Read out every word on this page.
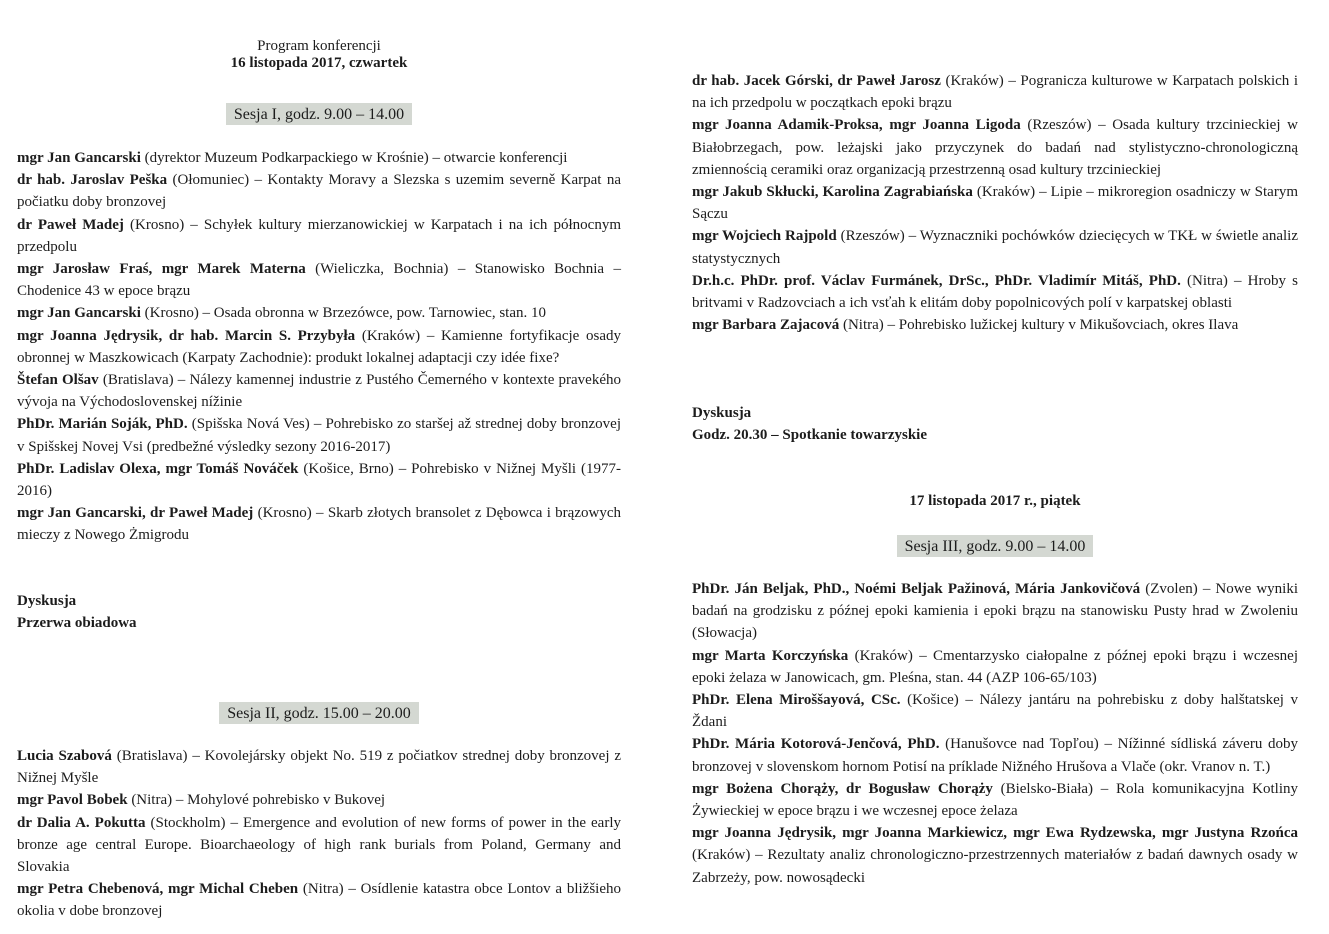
Program konferencji
16 listopada 2017, czwartek
Sesja I, godz. 9.00 – 14.00

mgr Jan Gancarski (dyrektor Muzeum Podkarpackiego w Krośnie) – otwarcie konferencji

dr hab. Jaroslav Peška (Ołomuniec) – Kontakty Moravy a Slezska s uzemim severně Karpat na počiatku doby bronzovej

dr Paweł Madej (Krosno) – Schyłek kultury mierzanowickiej w Karpatach i na ich północnym przedpolu

mgr Jarosław Fraś, mgr Marek Materna (Wieliczka, Bochnia) – Stanowisko Bochnia – Chodenice 43 w epoce brązu

mgr Jan Gancarski (Krosno) – Osada obronna w Brzezówce, pow. Tarnowiec, stan. 10

mgr Joanna Jędrysik, dr hab. Marcin S. Przybyła (Kraków) – Kamienne fortyfikacje osady obronnej w Maszkowicach (Karpaty Zachodnie): produkt lokalnej adaptacji czy idée fixe?

Štefan Olšav (Bratislava) – Nálezy kamennej industrie z Pustého Čemerného v kontexte pravekého vývoja na Východoslovenskej nížinie

PhDr. Marián Soják, PhD. (Spišska Nová Ves) – Pohrebisko zo staršej až strednej doby bronzovej v Spišskej Novej Vsi (predbežné výsledky sezony 2016-2017)

PhDr. Ladislav Olexa, mgr Tomáš Nováček (Košice, Brno) – Pohrebisko v Nižnej Myšli (1977-2016)

mgr Jan Gancarski, dr Paweł Madej (Krosno) – Skarb złotych bransolet z Dębowca i brązowych mieczy z Nowego Żmigrodu

Dyskusja

Przerwa obiadowa

Sesja II, godz. 15.00 – 20.00

Lucia Szabová (Bratislava) – Kovolejársky objekt No. 519 z počiatkov strednej doby bronzovej z Nižnej Myšle

mgr Pavol Bobek (Nitra) – Mohylové pohrebisko v Bukovej

dr Dalia A. Pokutta (Stockholm) – Emergence and evolution of new forms of power in the early bronze age central Europe. Bioarchaeology of high rank burials from Poland, Germany and Slovakia

mgr Petra Chebenová, mgr Michal Cheben (Nitra) – Osídlenie katastra obce Lontov a bližšieho okolia v dobe bronzovej

dr hab. Jacek Górski, dr Paweł Jarosz (Kraków) – Pogranicza kulturowe w Karpatach polskich i na ich przedpolu w początkach epoki brązu

mgr Joanna Adamik-Proksa, mgr Joanna Ligoda (Rzeszów) – Osada kultury trzcinieckiej w Białobrzegach, pow. leżajski jako przyczynek do badań nad stylistyczno-chronologiczną zmiennością ceramiki oraz organizacją przestrzenną osad kultury trzcinieckiej

mgr Jakub Skłucki, Karolina Zagrabiańska (Kraków) – Lipie – mikroregion osadniczy w Starym Sączu

mgr Wojciech Rajpold (Rzeszów) – Wyznaczniki pochówków dziecięcych w TKŁ w świetle analiz statystycznych

Dr.h.c. PhDr. prof. Václav Furmánek, DrSc., PhDr. Vladimír Mitáš, PhD. (Nitra) – Hroby s britvami v Radzovciach a ich vsťah k elitám doby popolnicových polí v karpatskej oblasti

mgr Barbara Zajacová (Nitra) – Pohrebisko lužickej kultury v Mikušovciach, okres Ilava

Dyskusja

Godz. 20.30 – Spotkanie towarzyskie

17 listopada 2017 r., piątek
Sesja III, godz. 9.00 – 14.00

PhDr. Ján Beljak, PhD., Noémi Beljak Pažinová, Mária Jankovičová (Zvolen) – Nowe wyniki badań na grodzisku z późnej epoki kamienia i epoki brązu na stanowisku Pusty hrad w Zwoleniu (Słowacja)

mgr Marta Korczyńska (Kraków) – Cmentarzysko ciałopalne z późnej epoki brązu i wczesnej epoki żelaza w Janowicach, gm. Pleśna, stan. 44 (AZP 106-65/103)

PhDr. Elena Miroššayová, CSc. (Košice) – Nálezy jantáru na pohrebisku z doby halštatskej v Ždani

PhDr. Mária Kotorová-Jenčová, PhD. (Hanušovce nad Topľou) – Nížinné sídliská záveru doby bronzovej v slovenskom hornom Potisí na príklade Nižného Hrušova a Vlače (okr. Vranov n. T.)

mgr Bożena Chorąży, dr Bogusław Chorąży (Bielsko-Biała) – Rola komunikacyjna Kotliny Żywieckiej w epoce brązu i we wczesnej epoce żelaza

mgr Joanna Jędrysik, mgr Joanna Markiewicz, mgr Ewa Rydzewska, mgr Justyna Rzońca (Kraków) – Rezultaty analiz chronologiczno-przestrzennych materiałów z badań dawnych osady w Zabrzeży, pow. nowosądecki
